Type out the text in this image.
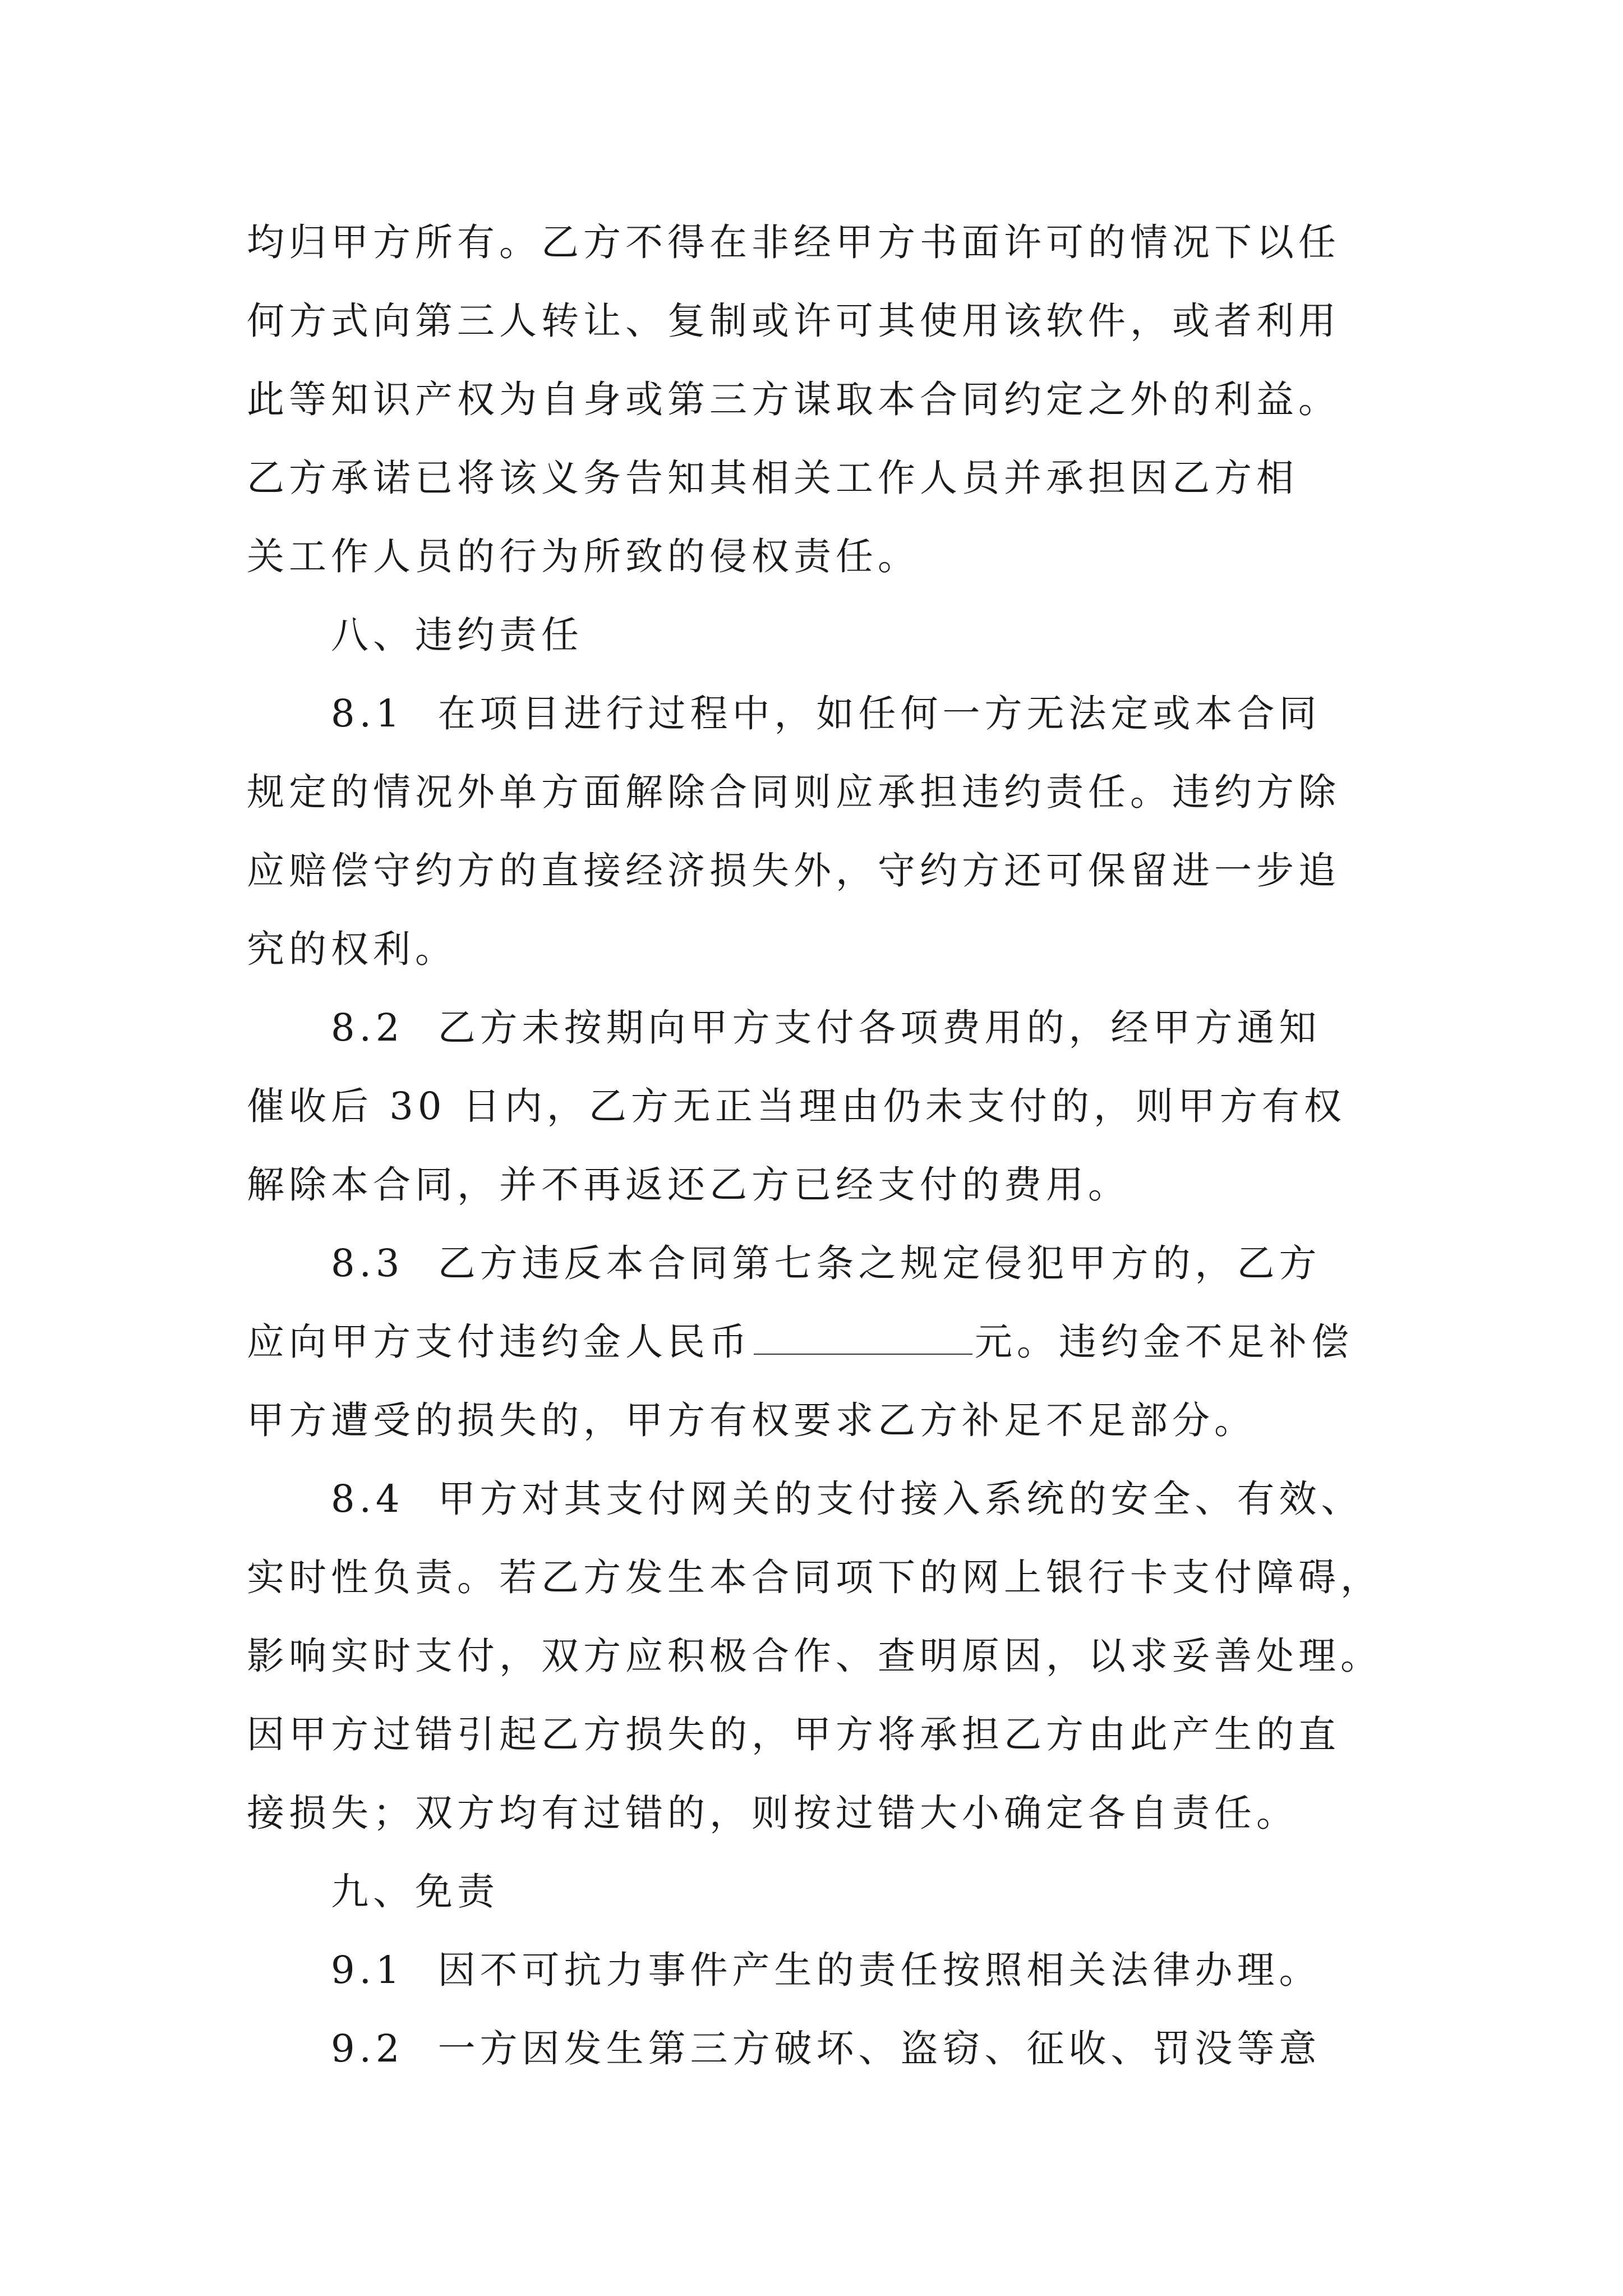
均归甲方所有。乙方不得在非经甲方书面许可的情况下以任
何方式向第三人转让、复制或许可其使用该软件，或者利用
此等知识产权为自身或第三方谋取本合同约定之外的利益。
乙方承诺已将该义务告知其相关工作人员并承担因乙方相
关工作人员的行为所致的侵权责任。
八、违约责任
8.1 在项目进行过程中，如任何一方无法定或本合同
规定的情况外单方面解除合同则应承担违约责任。违约方除
应赔偿守约方的直接经济损失外，守约方还可保留进一步追
究的权利。
8.2 乙方未按期向甲方支付各项费用的，经甲方通知
催收后 30 日内，乙方无正当理由仍未支付的，则甲方有权
解除本合同，并不再返还乙方已经支付的费用。
8.3 乙方违反本合同第七条之规定侵犯甲方的，乙方
应向甲方支付违约金人民币	元。违约金不足补偿
甲方遭受的损失的，甲方有权要求乙方补足不足部分。
8.4 甲方对其支付网关的支付接入系统的安全、有效、
实时性负责。若乙方发生本合同项下的网上银行卡支付障碍，
影响实时支付，双方应积极合作、查明原因，以求妥善处理。
因甲方过错引起乙方损失的，甲方将承担乙方由此产生的直
接损失；双方均有过错的，则按过错大小确定各自责任。
九、免责
9.1 因不可抗力事件产生的责任按照相关法律办理。
9.2 一方因发生第三方破坏、盗窃、征收、罚没等意
